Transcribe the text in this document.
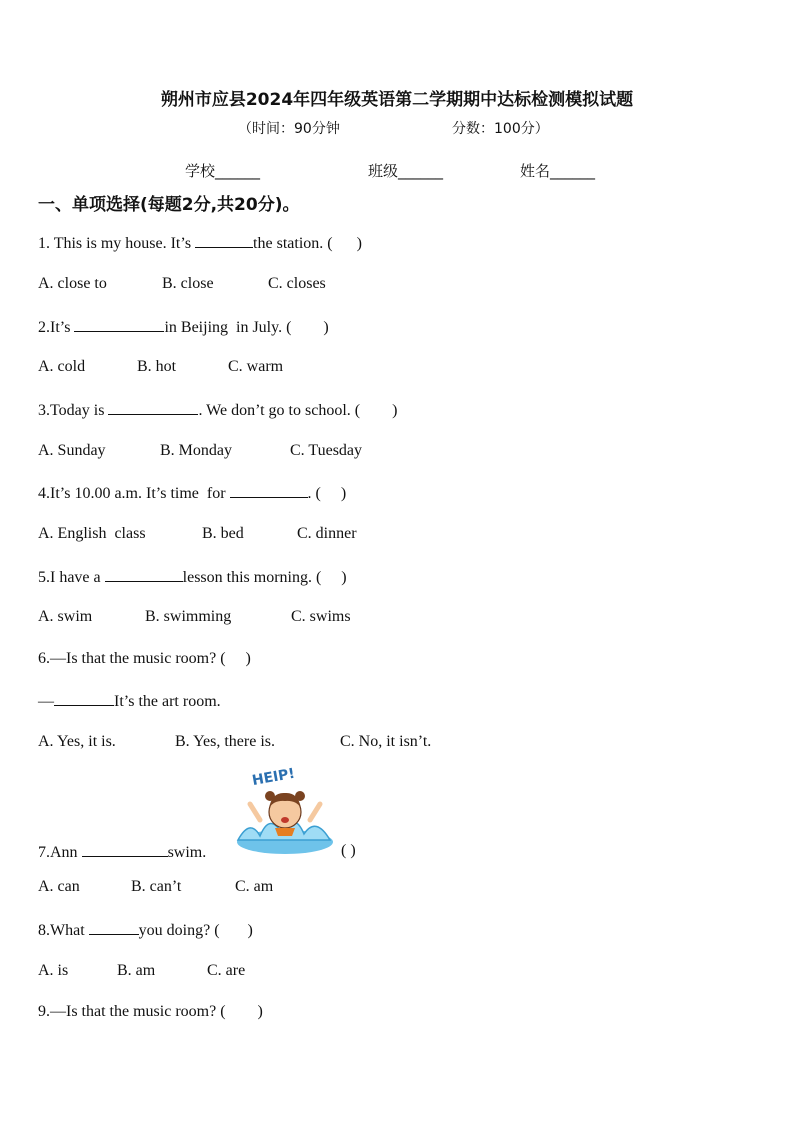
朔州市应县2024年四年级英语第二学期期中达标检测模拟试题
（时间：90分钟	分数：100分）
学校______	班级______	姓名______
一、单项选择(每题2分,共20分)。
1. This is my house. It’s	the station. (      )
A. close to	B. close	C. closes
2.It’s	in Beijing  in July. (        )
A. cold	B. hot	C. warm
3.Today is	. We don’t go to school. (        )
A. Sunday	B. Monday	C. Tuesday
4.It’s 10.00 a.m. It’s time  for	. (     )
A. English  class	B. bed	C. dinner
5.I have a	lesson this morning. (     )
A. swim	B. swimming	C. swims
6.—Is that the music room? (     )
—	It’s the art room.
A. Yes, it is.	B. Yes, there is.	C. No, it isn’t.
HEIP!
7.Ann	swim.	( )
A. can	B. can’t	C. am
8.What	you doing? (       )
A. is	B. am	C. are
9.—Is that the music room? (        )
